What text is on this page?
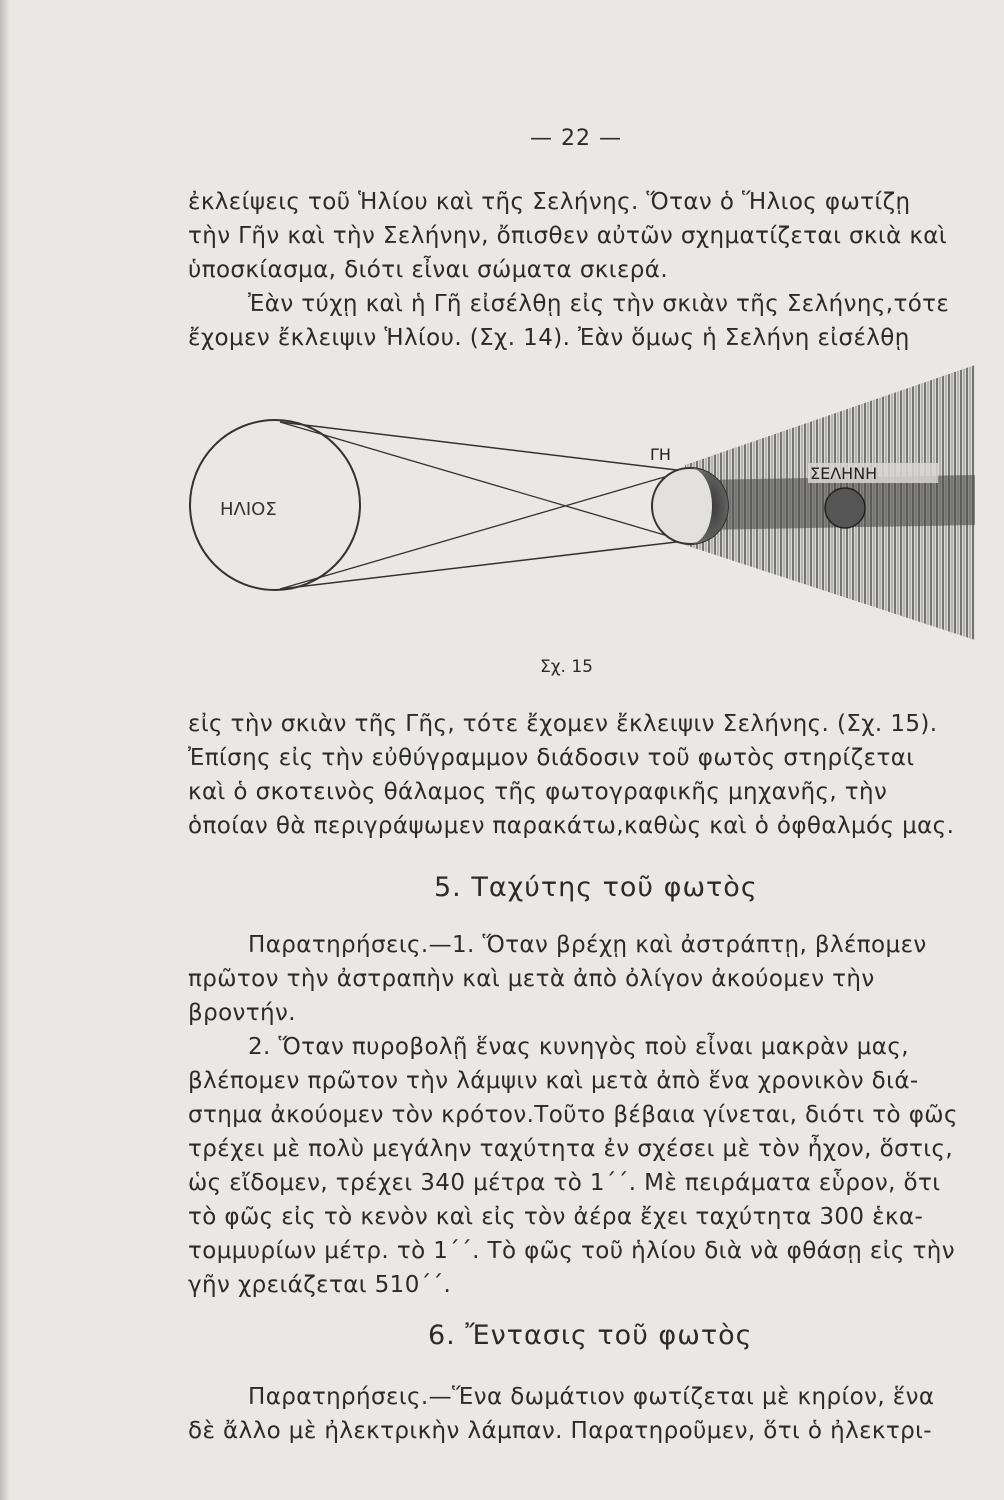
— 22 —
ἐκλείψεις τοῦ Ἡλίου καὶ τῆς Σελήνης. Ὅταν ὁ Ἥλιος φωτίζῃ
τὴν Γῆν καὶ τὴν Σελήνην, ὄπισθεν αὐτῶν σχηματίζεται σκιὰ καὶ
ὑποσκίασμα, διότι εἶναι σώματα σκιερά.
Ἐὰν τύχῃ καὶ ἡ Γῆ εἰσέλθῃ εἰς τὴν σκιὰν τῆς Σελήνης,τότε
ἔχομεν ἔκλειψιν Ἡλίου. (Σχ. 14). Ἐὰν ὅμως ἡ Σελήνη εἰσέλθῃ
ΗΛΙΟΣ
ΓΗ
ΣΕΛΗΝΗ
Σχ. 15
εἰς τὴν σκιὰν τῆς Γῆς, τότε ἔχομεν ἔκλειψιν Σελήνης. (Σχ. 15).
Ἐπίσης εἰς τὴν εὐθύγραμμον διάδοσιν τοῦ φωτὸς στηρίζεται
καὶ ὁ σκοτεινὸς θάλαμος τῆς φωτογραφικῆς μηχανῆς, τὴν
ὁποίαν θὰ περιγράψωμεν παρακάτω,καθὼς καὶ ὁ ὀφθαλμός μας.
5. Ταχύτης τοῦ φωτὸς
Παρατηρήσεις.—1. Ὅταν βρέχῃ καὶ ἀστράπτῃ, βλέπομεν
πρῶτον τὴν ἀστραπὴν καὶ μετὰ ἀπὸ ὀλίγον ἀκούομεν τὴν
βροντήν.
2. Ὅταν πυροβολῇ ἕνας κυνηγὸς ποὺ εἶναι μακρὰν μας,
βλέπομεν πρῶτον τὴν λάμψιν καὶ μετὰ ἀπὸ ἕνα χρονικὸν διά-
στημα ἀκούομεν τὸν κρότον.Τοῦτο βέβαια γίνεται, διότι τὸ φῶς
τρέχει μὲ πολὺ μεγάλην ταχύτητα ἐν σχέσει μὲ τὸν ἦχον, ὅστις,
ὡς εἴδομεν, τρέχει 340 μέτρα τὸ 1΄΄. Μὲ πειράματα εὗρον, ὅτι
τὸ φῶς εἰς τὸ κενὸν καὶ εἰς τὸν ἀέρα ἔχει ταχύτητα 300 ἑκα-
τομμυρίων μέτρ. τὸ 1΄΄. Τὸ φῶς τοῦ ἡλίου διὰ νὰ φθάσῃ εἰς τὴν
γῆν χρειάζεται 510΄΄.
6. Ἔντασις τοῦ φωτὸς
Παρατηρήσεις.—Ἕνα δωμάτιον φωτίζεται μὲ κηρίον, ἕνα
δὲ ἄλλο μὲ ἠλεκτρικὴν λάμπαν. Παρατηροῦμεν, ὅτι ὁ ἠλεκτρι-
